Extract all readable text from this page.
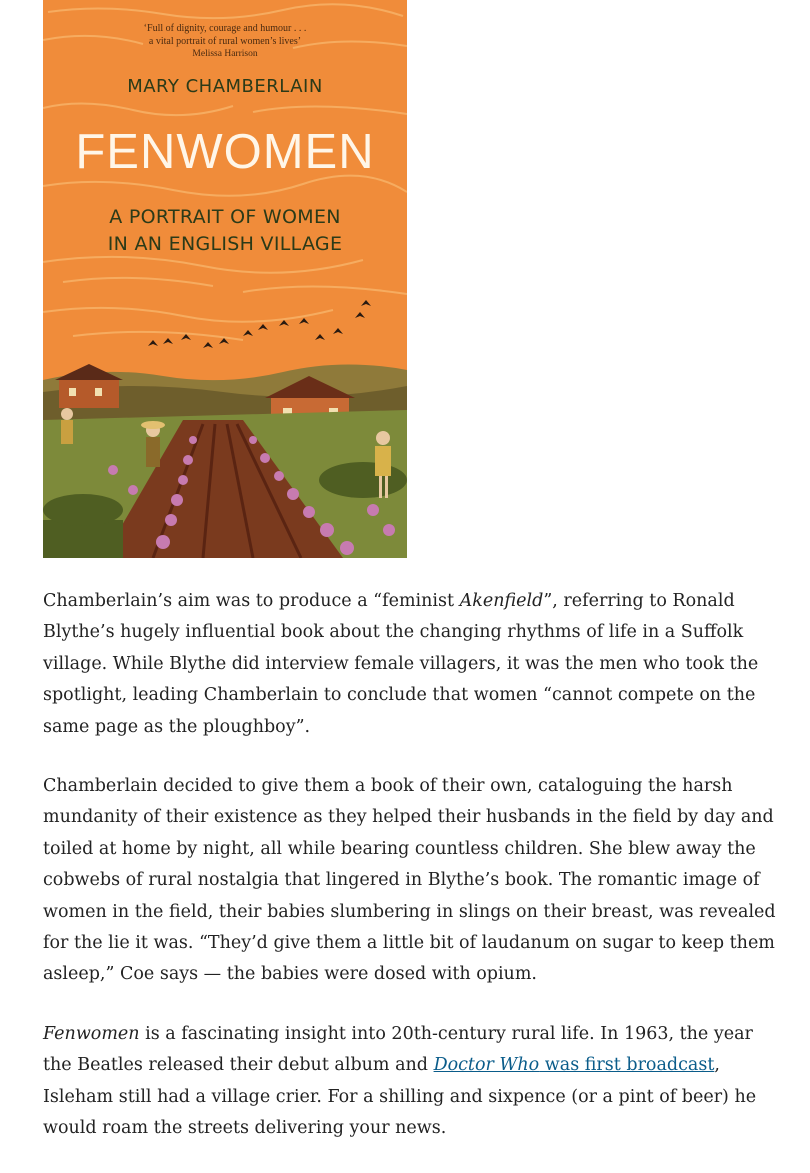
‘Full of dignity, courage and humour . . .
a vital portrait of rural women’s lives’
Melissa Harrison
MARY CHAMBERLAIN
FENWOMEN
A PORTRAIT OF WOMEN
IN AN ENGLISH VILLAGE

Chamberlain’s aim was to produce a “feminist Akenfield”, referring to Ronald Blythe’s hugely influential book about the changing rhythms of life in a Suffolk village. While Blythe did interview female villagers, it was the men who took the spotlight, leading Chamberlain to conclude that women “cannot compete on the same page as the ploughboy”.

Chamberlain decided to give them a book of their own, cataloguing the harsh mundanity of their existence as they helped their husbands in the field by day and toiled at home by night, all while bearing countless children. She blew away the cobwebs of rural nostalgia that lingered in Blythe’s book. The romantic image of women in the field, their babies slumbering in slings on their breast, was revealed for the lie it was. “They’d give them a little bit of laudanum on sugar to keep them asleep,” Coe says — the babies were dosed with opium.

Fenwomen is a fascinating insight into 20th-century rural life. In 1963, the year the Beatles released their debut album and Doctor Who was first broadcast, Isleham still had a village crier. For a shilling and sixpence (or a pint of beer) he would roam the streets delivering your news.
